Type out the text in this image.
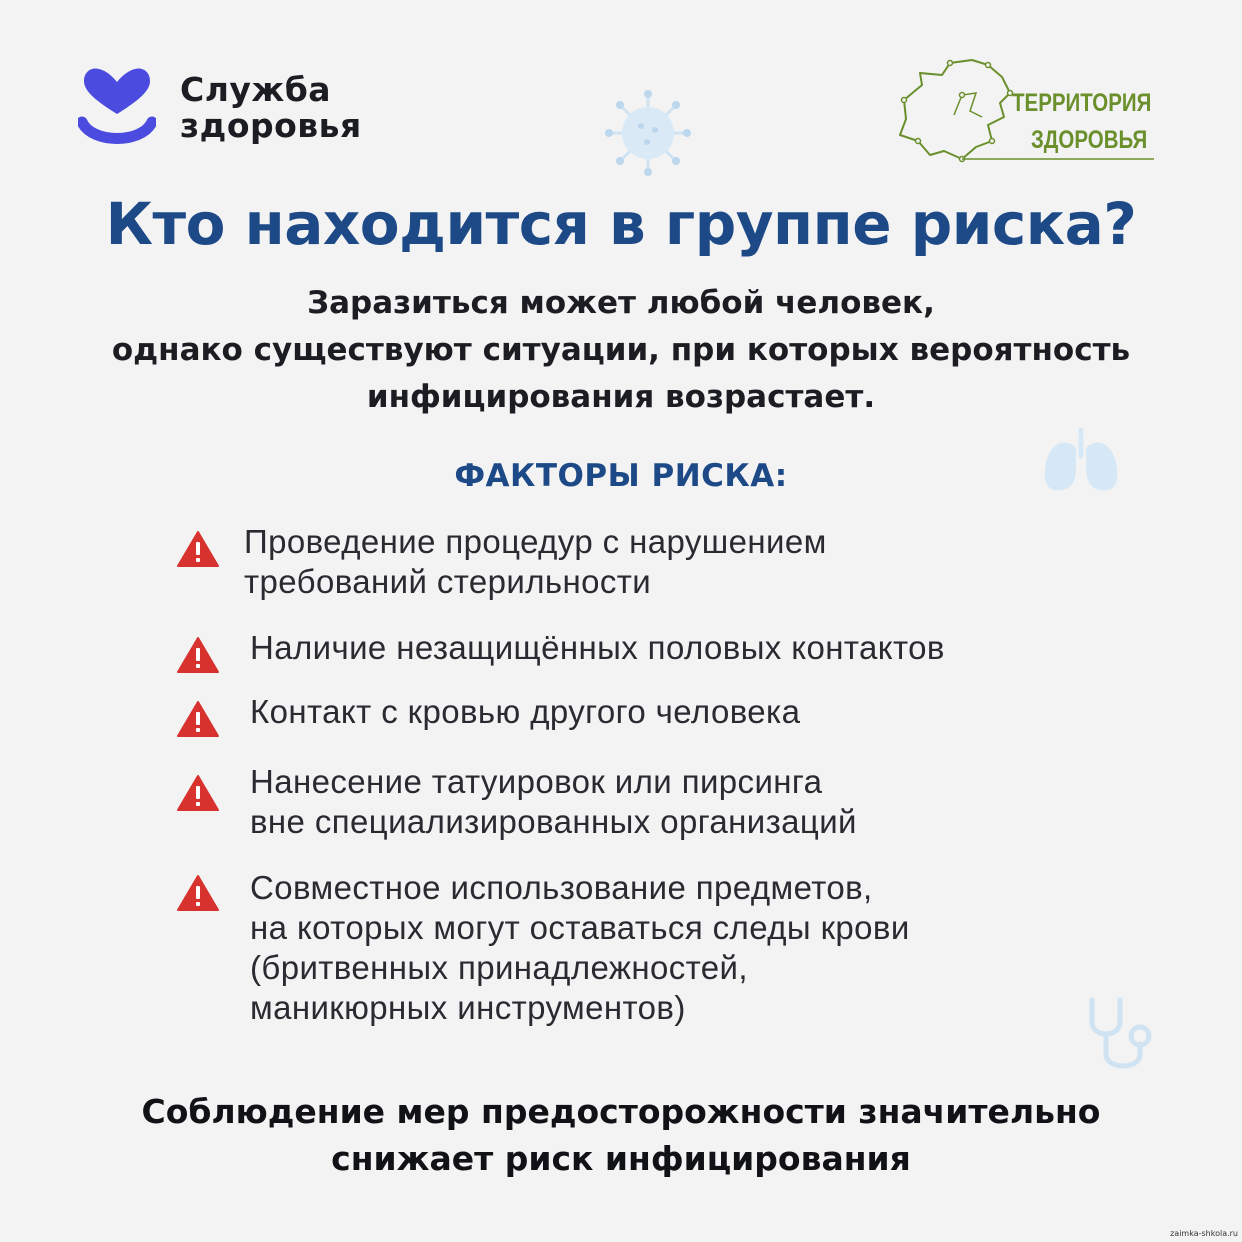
Служба
здоровья
ТЕРРИТОРИЯ
ЗДОРОВЬЯ
Кто находится в группе риска?
Заразиться может любой человек,
однако существуют ситуации, при которых вероятность
инфицирования возрастает.
ФАКТОРЫ РИСКА:
Проведение процедур с нарушением
требований стерильности
Наличие незащищённых половых контактов
Контакт с кровью другого человека
Нанесение татуировок или пирсинга
вне специализированных организаций
Совместное использование предметов,
на которых могут оставаться следы крови
(бритвенных принадлежностей,
маникюрных инструментов)
Соблюдение мер предосторожности значительно
снижает риск инфицирования
zaimka-shkola.ru
